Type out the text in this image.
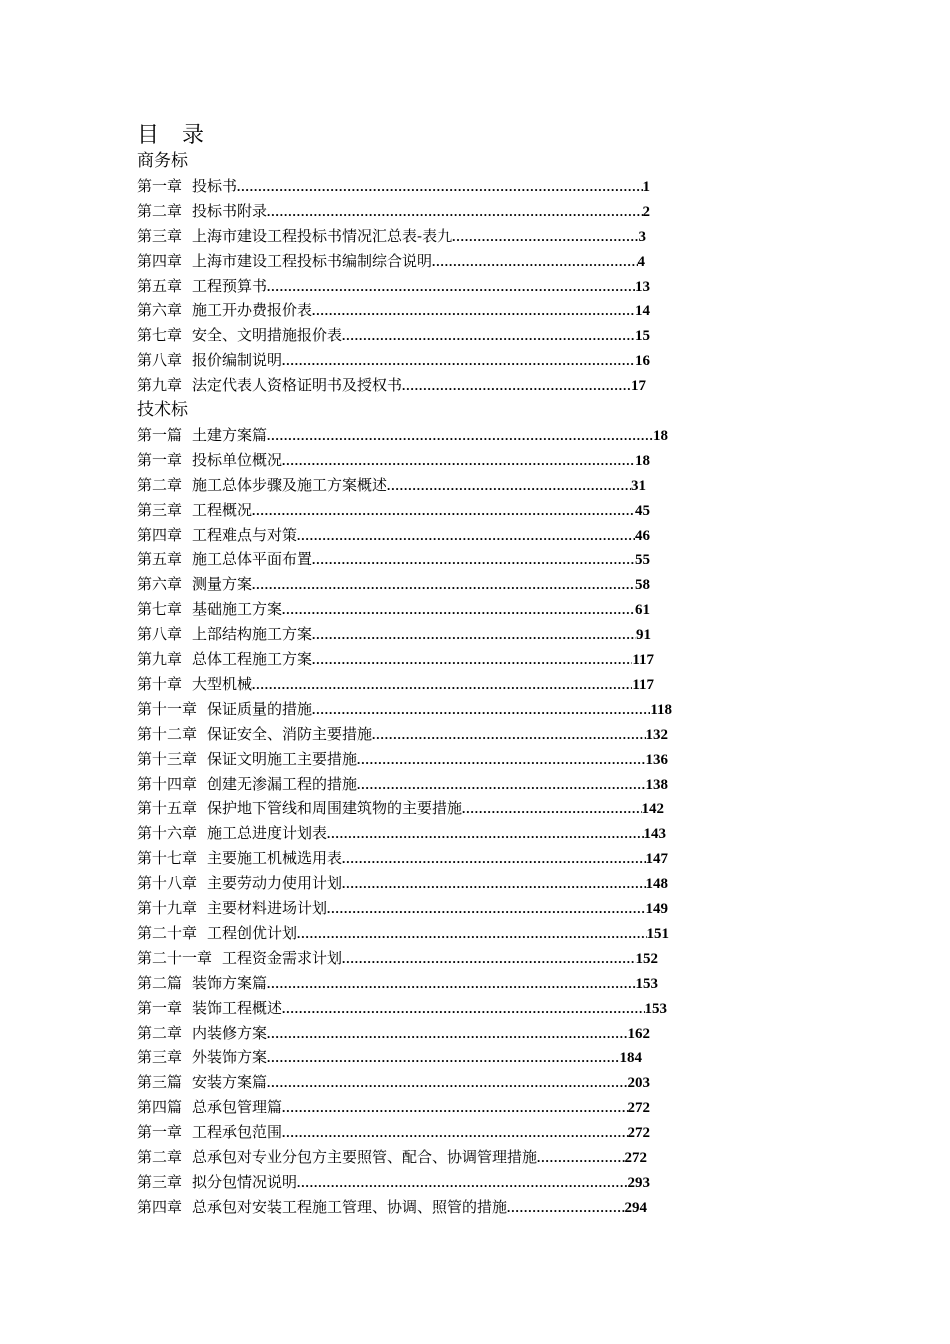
目 录
商务标
第一章 投标书 .....	1
第二章 投标书附录 .....	2
第三章 上海市建设工程投标书情况汇总表-表九 .....	3
第四章 上海市建设工程投标书编制综合说明 .....	4
第五章 工程预算书 .....	13
第六章 施工开办费报价表 .....	14
第七章 安全、文明措施报价表 .....	15
第八章 报价编制说明 .....	16
第九章 法定代表人资格证明书及授权书 .....	17
技术标
第一篇 土建方案篇 .....	18
第一章 投标单位概况 .....	18
第二章 施工总体步骤及施工方案概述 .....	31
第三章 工程概况 .....	45
第四章 工程难点与对策 .....	46
第五章 施工总体平面布置 .....	55
第六章 测量方案 .....	58
第七章 基础施工方案 .....	61
第八章 上部结构施工方案 .....	91
第九章 总体工程施工方案 .....	117
第十章 大型机械 .....	117
第十一章 保证质量的措施 .....	118
第十二章 保证安全、消防主要措施 .....	132
第十三章 保证文明施工主要措施 .....	136
第十四章 创建无渗漏工程的措施 .....	138
第十五章 保护地下管线和周围建筑物的主要措施 .....	142
第十六章 施工总进度计划表 .....	143
第十七章 主要施工机械选用表 .....	147
第十八章 主要劳动力使用计划 .....	148
第十九章 主要材料进场计划 .....	149
第二十章 工程创优计划 .....	151
第二十一章 工程资金需求计划 .....	152
第二篇 装饰方案篇 .....	153
第一章 装饰工程概述 .....	153
第二章 内装修方案 .....	162
第三章 外装饰方案 .....	184
第三篇 安装方案篇 .....	203
第四篇 总承包管理篇 .....	272
第一章 工程承包范围 .....	272
第二章 总承包对专业分包方主要照管、配合、协调管理措施 .....	272
第三章 拟分包情况说明 .....	293
第四章 总承包对安装工程施工管理、协调、照管的措施 .....	294
